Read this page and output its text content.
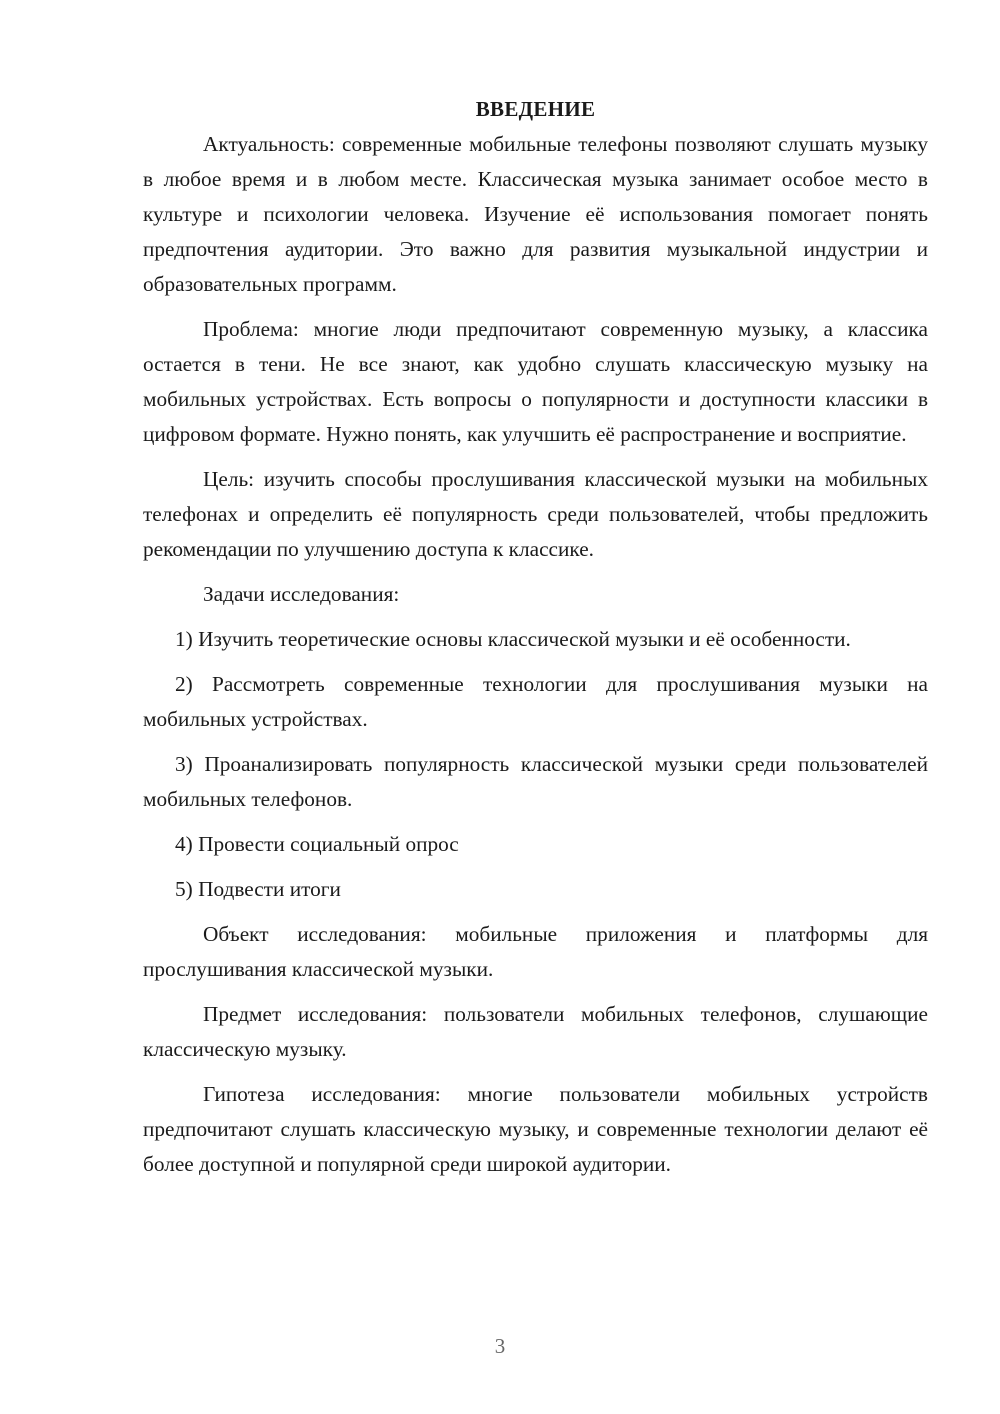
ВВЕДЕНИЕ

Актуальность: современные мобильные телефоны позволяют слушать музыку в любое время и в любом месте. Классическая музыка занимает особое место в культуре и психологии человека. Изучение её использования помогает понять предпочтения аудитории. Это важно для развития музыкальной индустрии и образовательных программ.

Проблема: многие люди предпочитают современную музыку, а классика остается в тени. Не все знают, как удобно слушать классическую музыку на мобильных устройствах. Есть вопросы о популярности и доступности классики в цифровом формате. Нужно понять, как улучшить её распространение и восприятие.

Цель: изучить способы прослушивания классической музыки на мобильных телефонах и определить её популярность среди пользователей, чтобы предложить рекомендации по улучшению доступа к классике.

Задачи исследования:

1) Изучить теоретические основы классической музыки и её особенности.

2) Рассмотреть современные технологии для прослушивания музыки на мобильных устройствах.

3) Проанализировать популярность классической музыки среди пользователей мобильных телефонов.

4) Провести социальный опрос

5) Подвести итоги

Объект исследования: мобильные приложения и платформы для прослушивания классической музыки.

Предмет исследования: пользователи мобильных телефонов, слушающие классическую музыку.

Гипотеза исследования: многие пользователи мобильных устройств предпочитают слушать классическую музыку, и современные технологии делают её более доступной и популярной среди широкой аудитории.

3
